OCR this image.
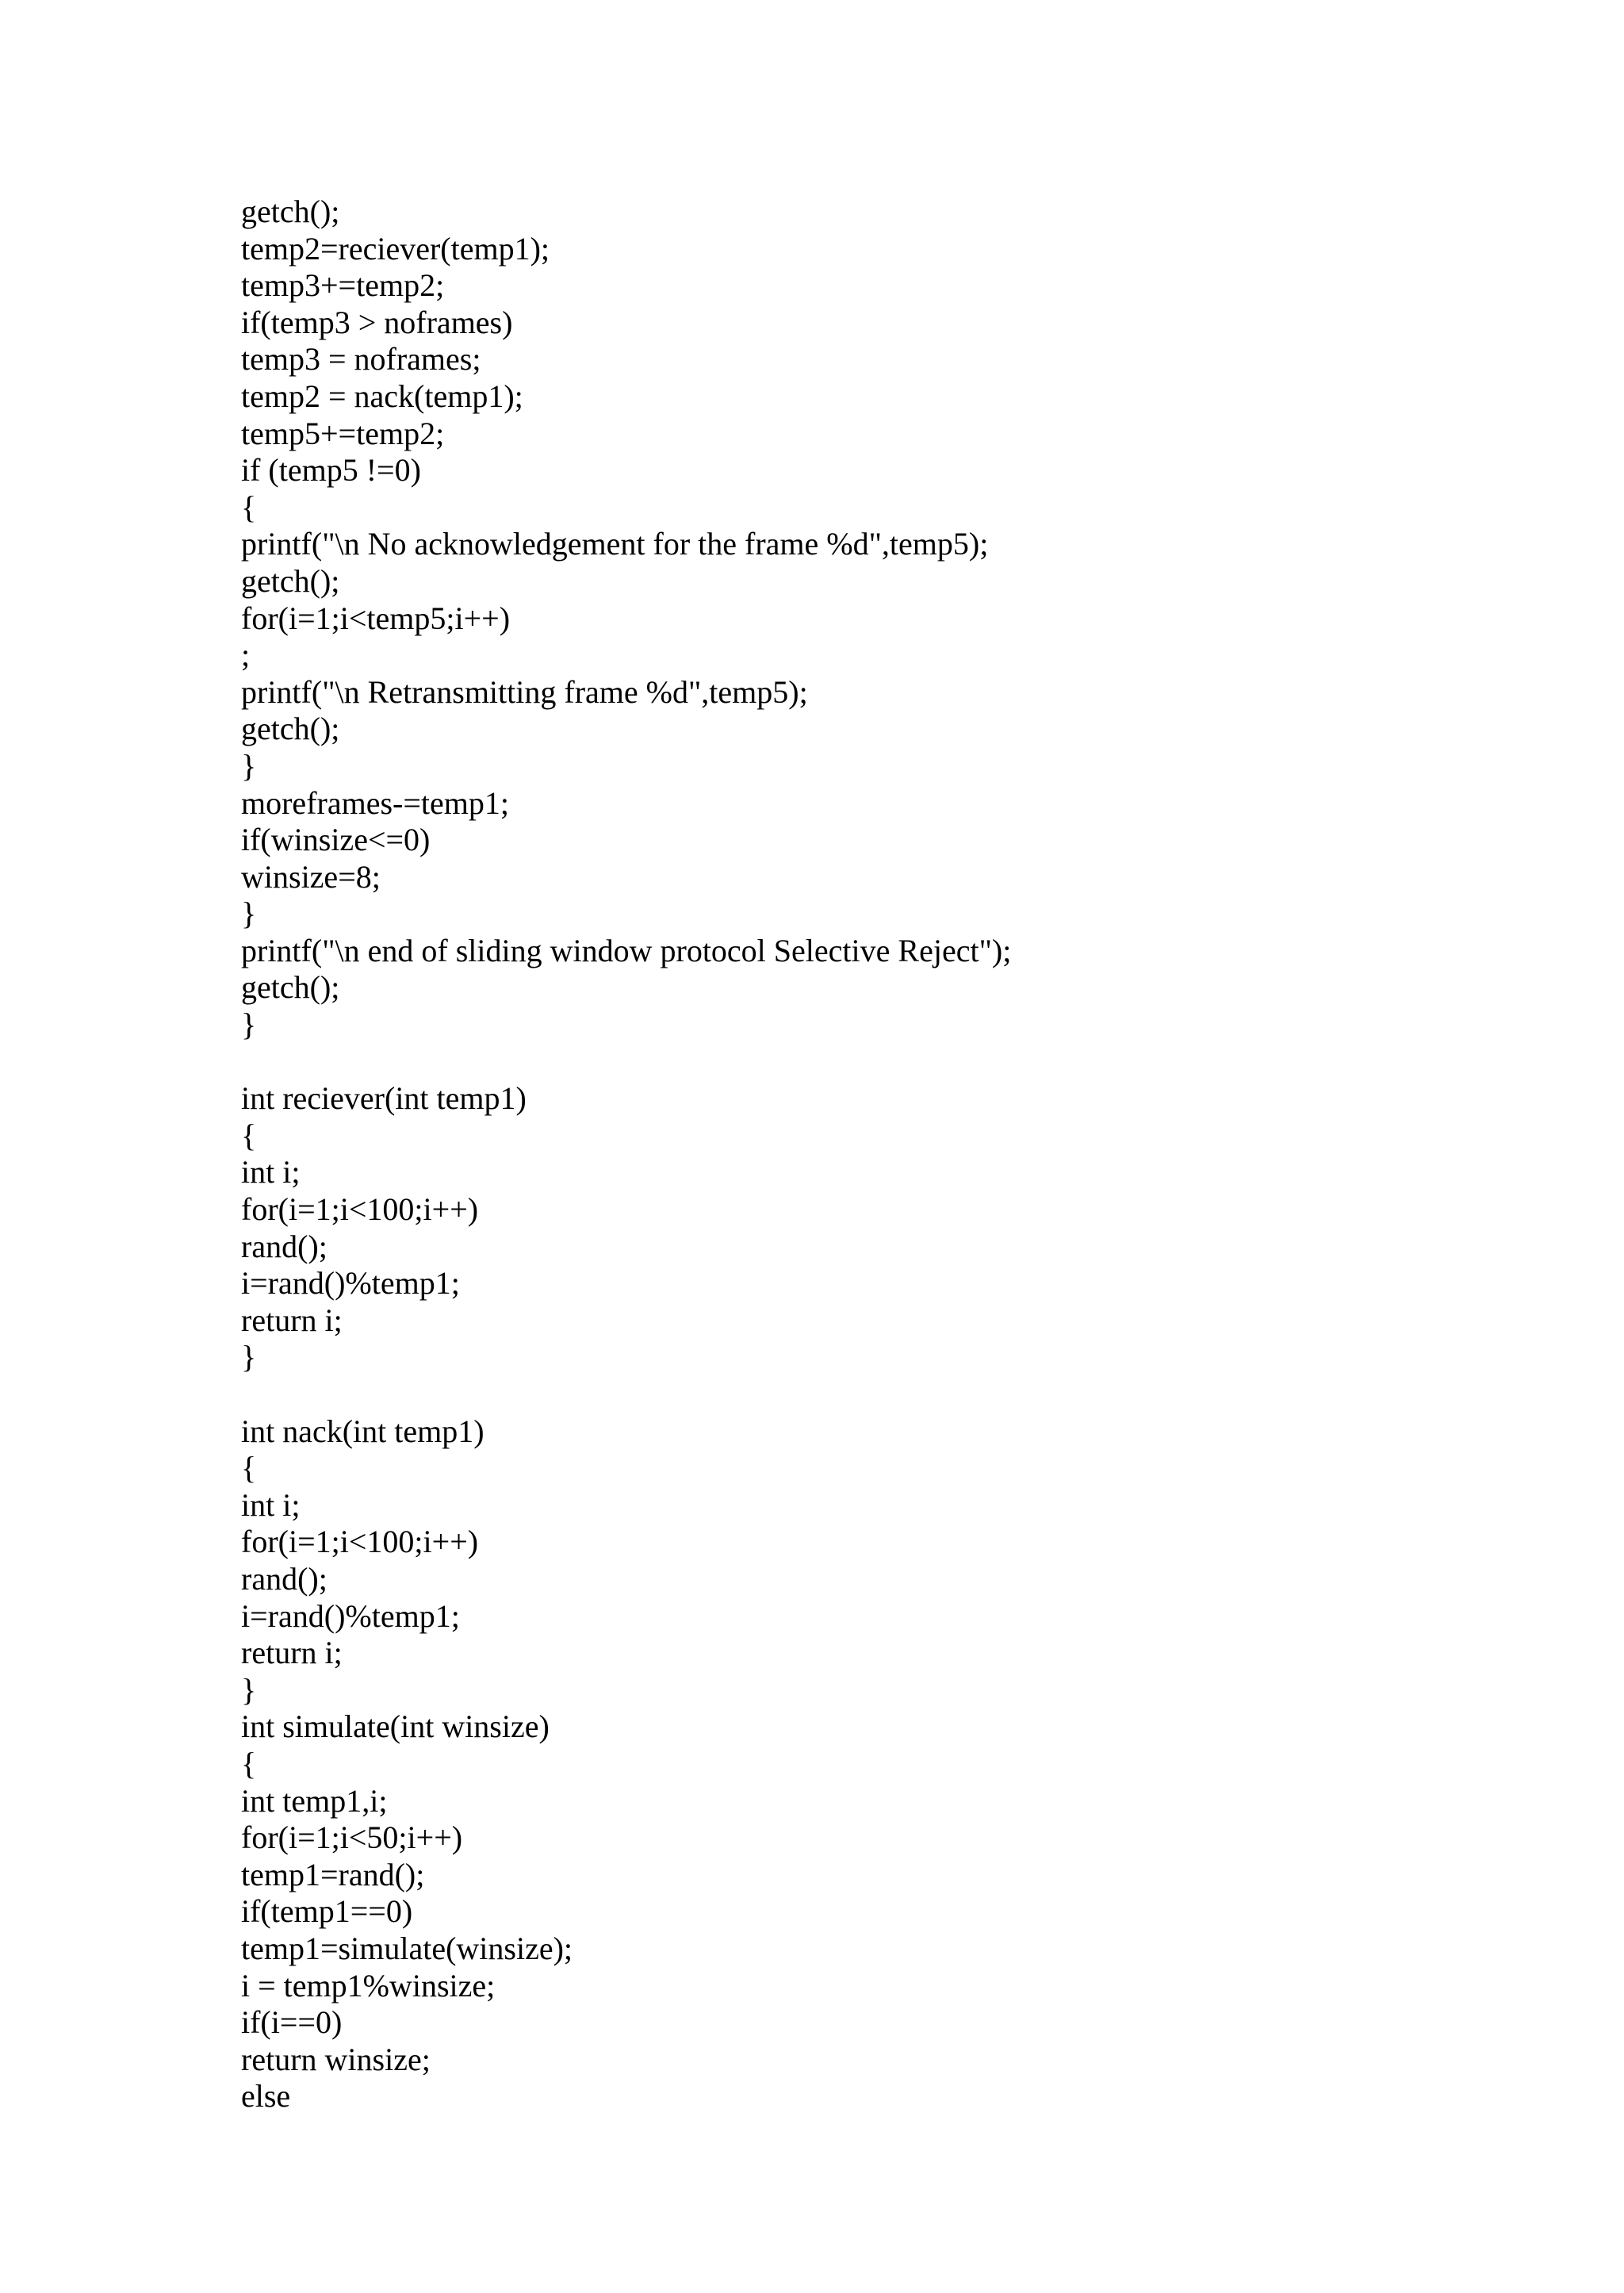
getch();
temp2=reciever(temp1);
temp3+=temp2;
if(temp3 > noframes)
temp3 = noframes;
temp2 = nack(temp1);
temp5+=temp2;
if (temp5 !=0)
{
printf("\n No acknowledgement for the frame %d",temp5);
getch();
for(i=1;i<temp5;i++)
;
printf("\n Retransmitting frame %d",temp5);
getch();
}
moreframes-=temp1;
if(winsize<=0)
winsize=8;
}
printf("\n end of sliding window protocol Selective Reject");
getch();
}
int reciever(int temp1)
{
int i;
for(i=1;i<100;i++)
rand();
i=rand()%temp1;
return i;
}
int nack(int temp1)
{
int i;
for(i=1;i<100;i++)
rand();
i=rand()%temp1;
return i;
}
int simulate(int winsize)
{
int temp1,i;
for(i=1;i<50;i++)
temp1=rand();
if(temp1==0)
temp1=simulate(winsize);
i = temp1%winsize;
if(i==0)
return winsize;
else
